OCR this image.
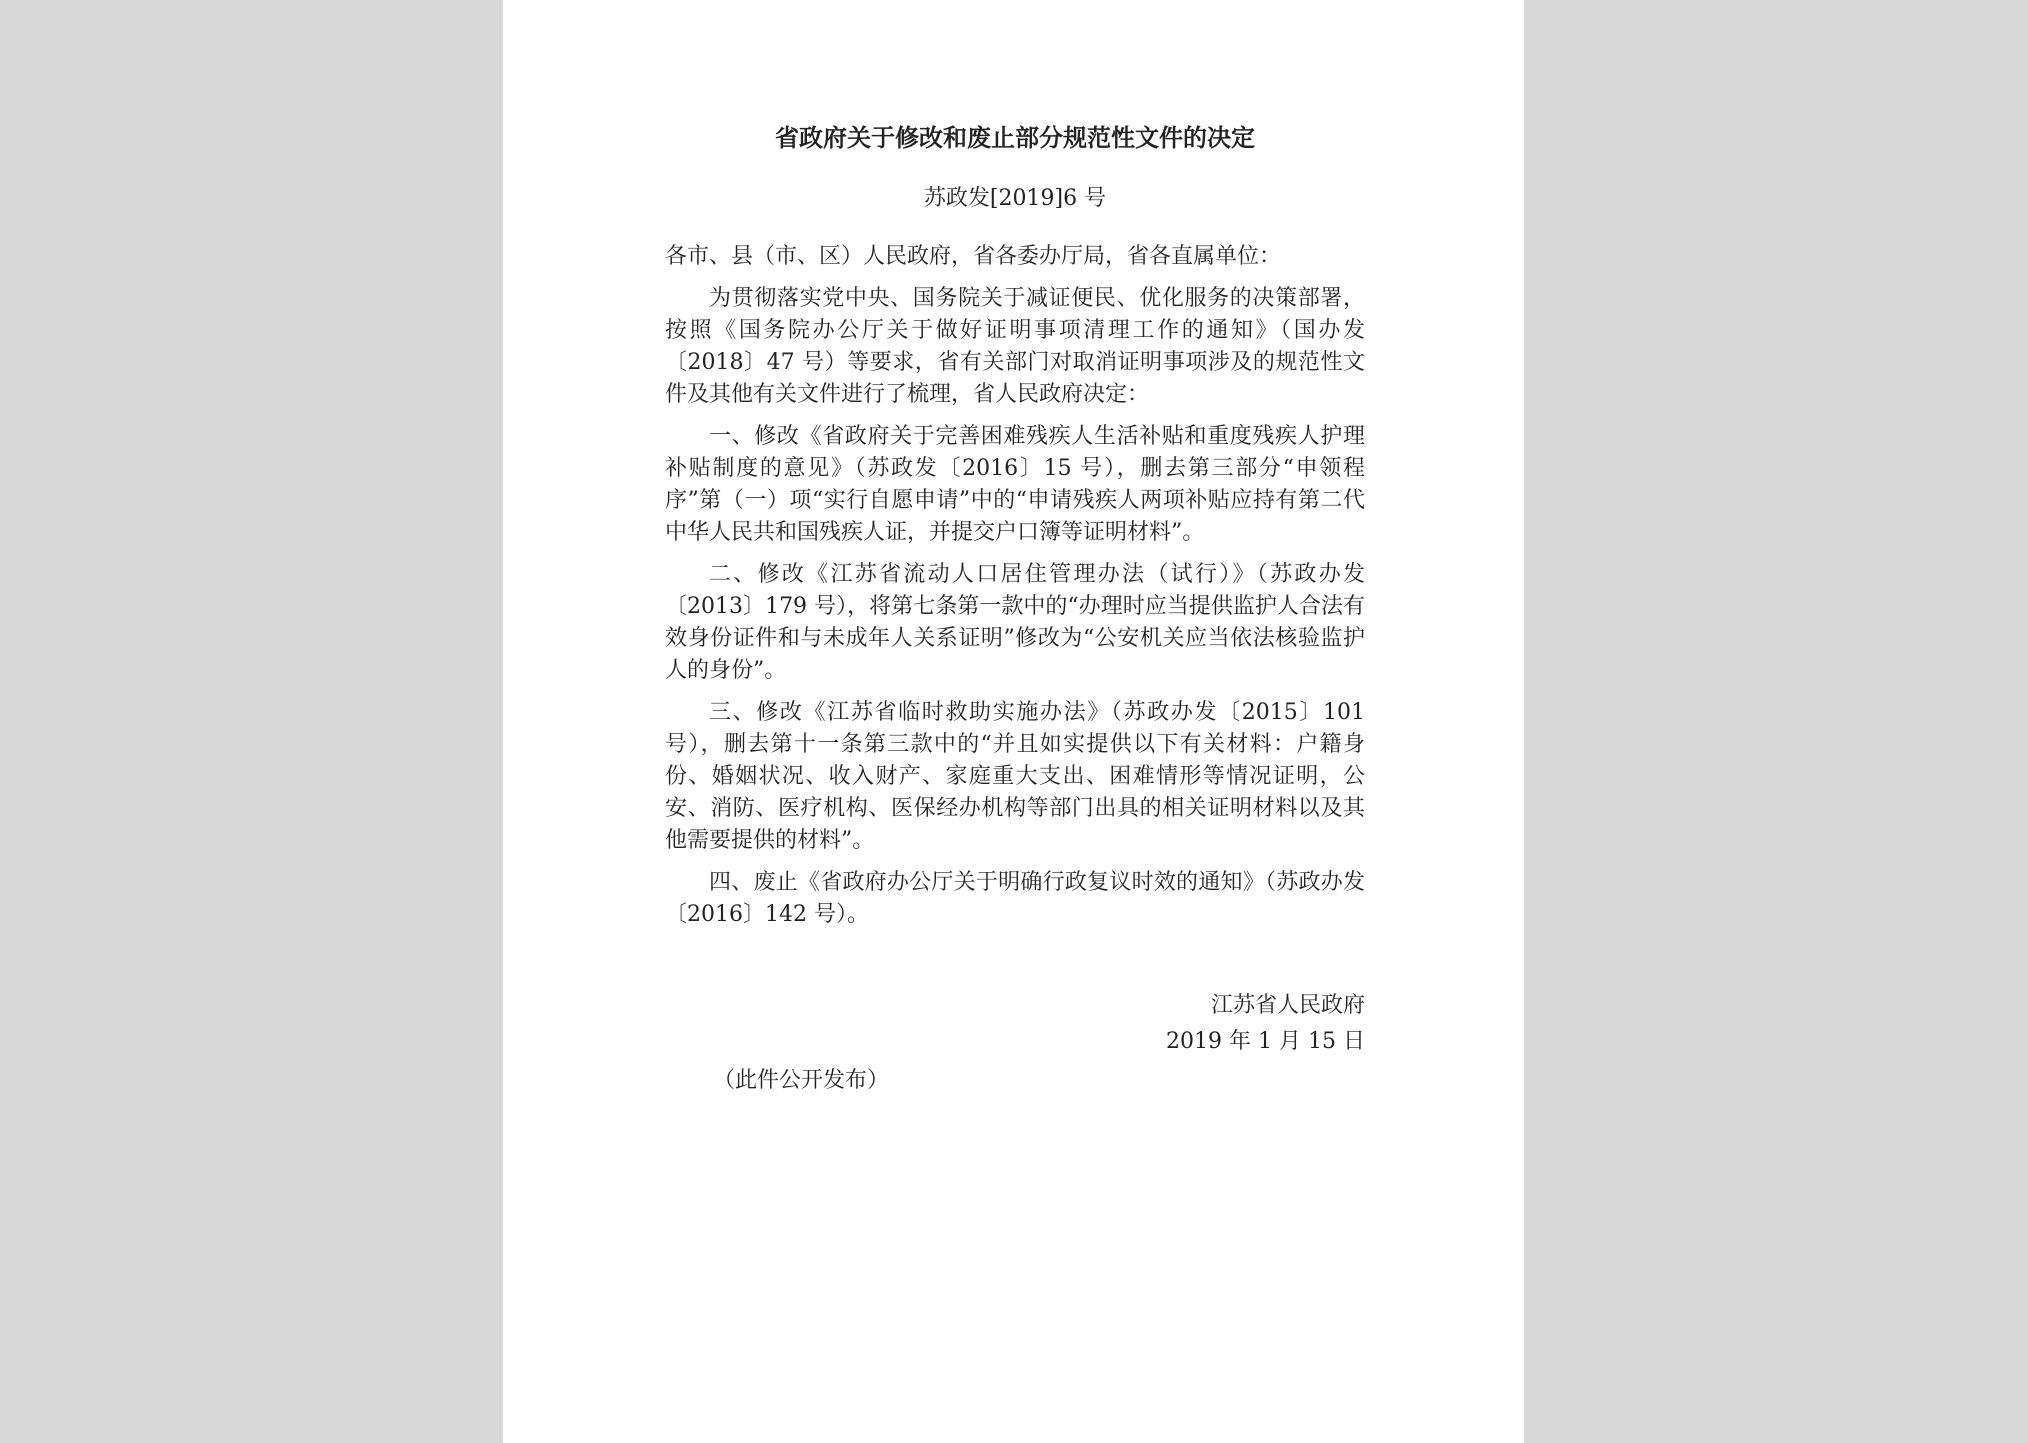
省政府关于修改和废止部分规范性文件的决定
苏政发[2019]6 号

各市、县（市、区）人民政府，省各委办厅局，省各直属单位：

为贯彻落实党中央、国务院关于减证便民、优化服务的决策部署，按照《国务院办公厅关于做好证明事项清理工作的通知》（国办发〔2018〕47 号）等要求，省有关部门对取消证明事项涉及的规范性文件及其他有关文件进行了梳理，省人民政府决定：

一、修改《省政府关于完善困难残疾人生活补贴和重度残疾人护理补贴制度的意见》（苏政发〔2016〕15 号），删去第三部分“申领程序”第（一）项“实行自愿申请”中的“申请残疾人两项补贴应持有第二代中华人民共和国残疾人证，并提交户口簿等证明材料”。

二、修改《江苏省流动人口居住管理办法（试行）》（苏政办发〔2013〕179 号），将第七条第一款中的“办理时应当提供监护人合法有效身份证件和与未成年人关系证明”修改为“公安机关应当依法核验监护人的身份”。

三、修改《江苏省临时救助实施办法》（苏政办发〔2015〕101 号），删去第十一条第三款中的“并且如实提供以下有关材料：户籍身份、婚姻状况、收入财产、家庭重大支出、困难情形等情况证明，公安、消防、医疗机构、医保经办机构等部门出具的相关证明材料以及其他需要提供的材料”。

四、废止《省政府办公厅关于明确行政复议时效的通知》（苏政办发〔2016〕142 号）。

江苏省人民政府
2019 年 1 月 15 日
（此件公开发布）
